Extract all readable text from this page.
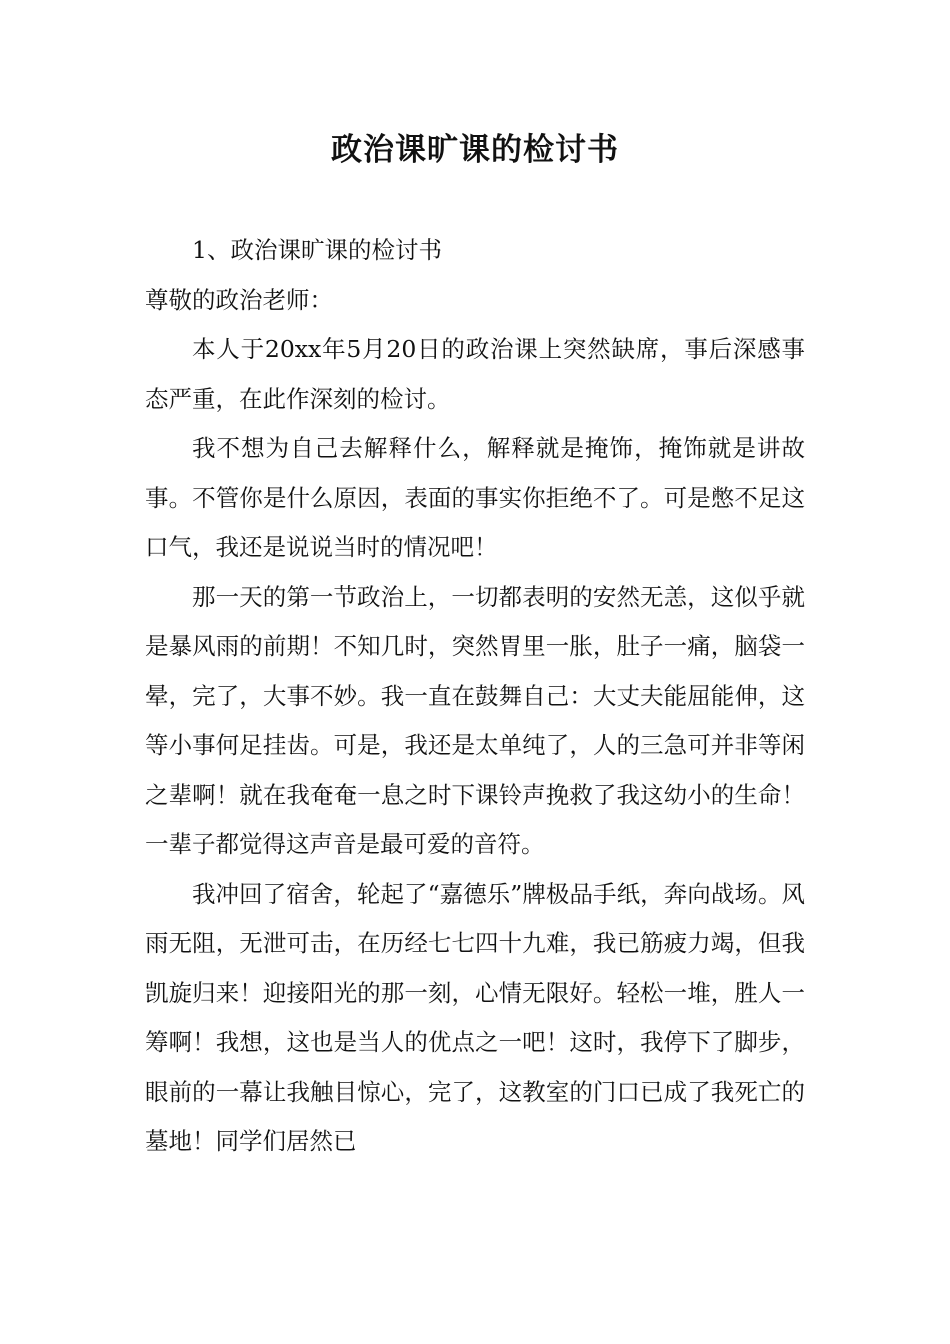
政治课旷课的检讨书

1、政治课旷课的检讨书

尊敬的政治老师：

本人于20xx年5月20日的政治课上突然缺席，事后深感事态严重，在此作深刻的检讨。

我不想为自己去解释什么，解释就是掩饰，掩饰就是讲故事。不管你是什么原因，表面的事实你拒绝不了。可是憋不足这口气，我还是说说当时的情况吧！

那一天的第一节政治上，一切都表明的安然无恙，这似乎就是暴风雨的前期！不知几时，突然胃里一胀，肚子一痛，脑袋一晕，完了，大事不妙。我一直在鼓舞自己：大丈夫能屈能伸，这等小事何足挂齿。可是，我还是太单纯了，人的三急可并非等闲之辈啊！就在我奄奄一息之时下课铃声挽救了我这幼小的生命！一辈子都觉得这声音是最可爱的音符。

我冲回了宿舍，轮起了“嘉德乐”牌极品手纸，奔向战场。风雨无阻，无泄可击，在历经七七四十九难，我已筋疲力竭，但我凯旋归来！迎接阳光的那一刻，心情无限好。轻松一堆，胜人一筹啊！我想，这也是当人的优点之一吧！这时，我停下了脚步，眼前的一幕让我触目惊心，完了，这教室的门口已成了我死亡的墓地！同学们居然已
